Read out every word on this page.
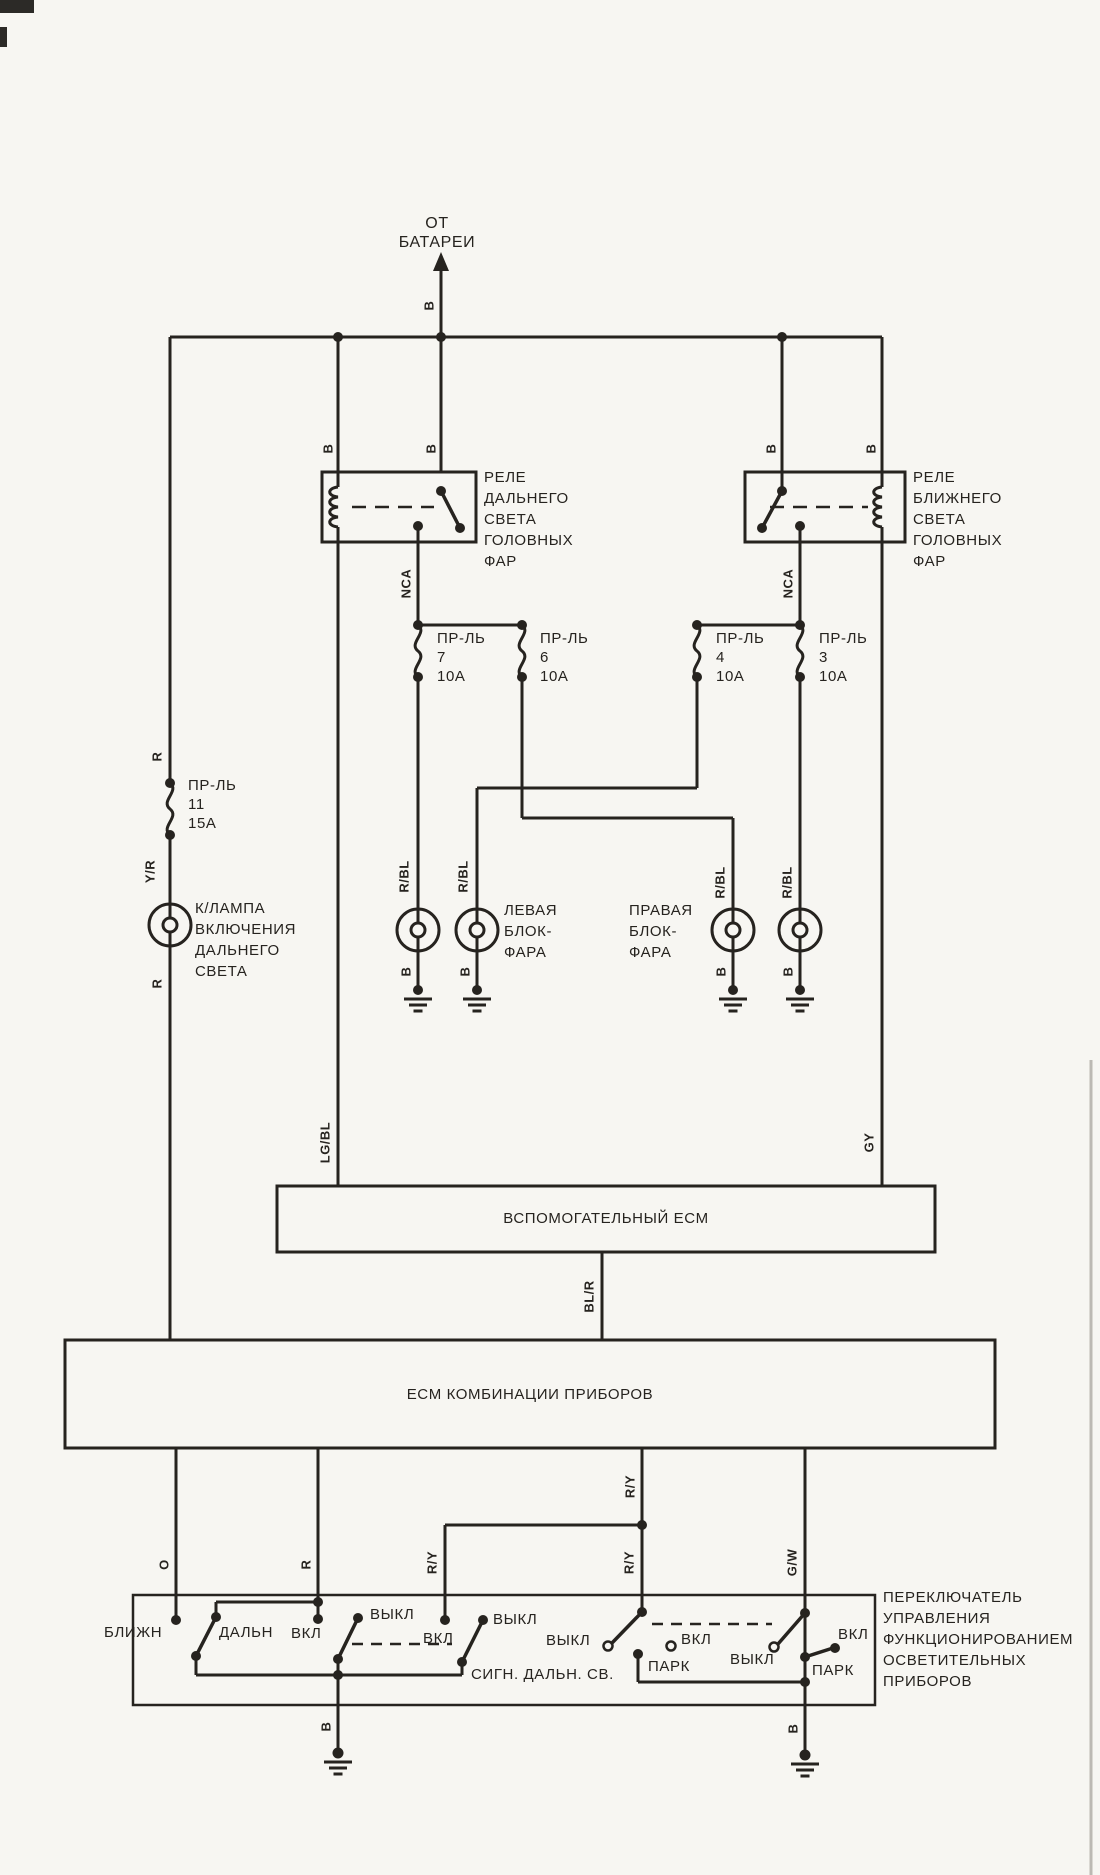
ОТ
БАТАРЕИ
РЕЛЕ
ДАЛЬНЕГО
СВЕТА
ГОЛОВНЫХ
ФАР
РЕЛЕ
БЛИЖНЕГО
СВЕТА
ГОЛОВНЫХ
ФАР
ПР-ЛЬ
7
10А
ПР-ЛЬ
6
10А
ПР-ЛЬ
4
10А
ПР-ЛЬ
3
10А
ПР-ЛЬ
11
15А
К/ЛАМПА
ВКЛЮЧЕНИЯ
ДАЛЬНЕГО
СВЕТА
ЛЕВАЯ
БЛОК-
ФАРА
ПРАВАЯ
БЛОК-
ФАРА
ВСПОМОГАТЕЛЬНЫЙ ECM
ECM КОМБИНАЦИИ ПРИБОРОВ
ПЕРЕКЛЮЧАТЕЛЬ
УПРАВЛЕНИЯ
ФУНКЦИОНИРОВАНИЕМ
ОСВЕТИТЕЛЬНЫХ
ПРИБОРОВ
БЛИЖН	ДАЛЬН ВКЛ
ВЫКЛ
ВКЛ
ВЫКЛ
СИГН. ДАЛЬН. СВ.
ВЫКЛ	ВКЛ
ПАРК	ВЫКЛ
ВКЛ
ПАРК
B
B	B	B	B
NCA	NCA
R
Y/R
R
R/BL	R/BL	R/BL	R/BL
B	B	B	B
LG/BL	GY
BL/R
O	R
R/Y
R/Y	R/Y	G/W
B	B
